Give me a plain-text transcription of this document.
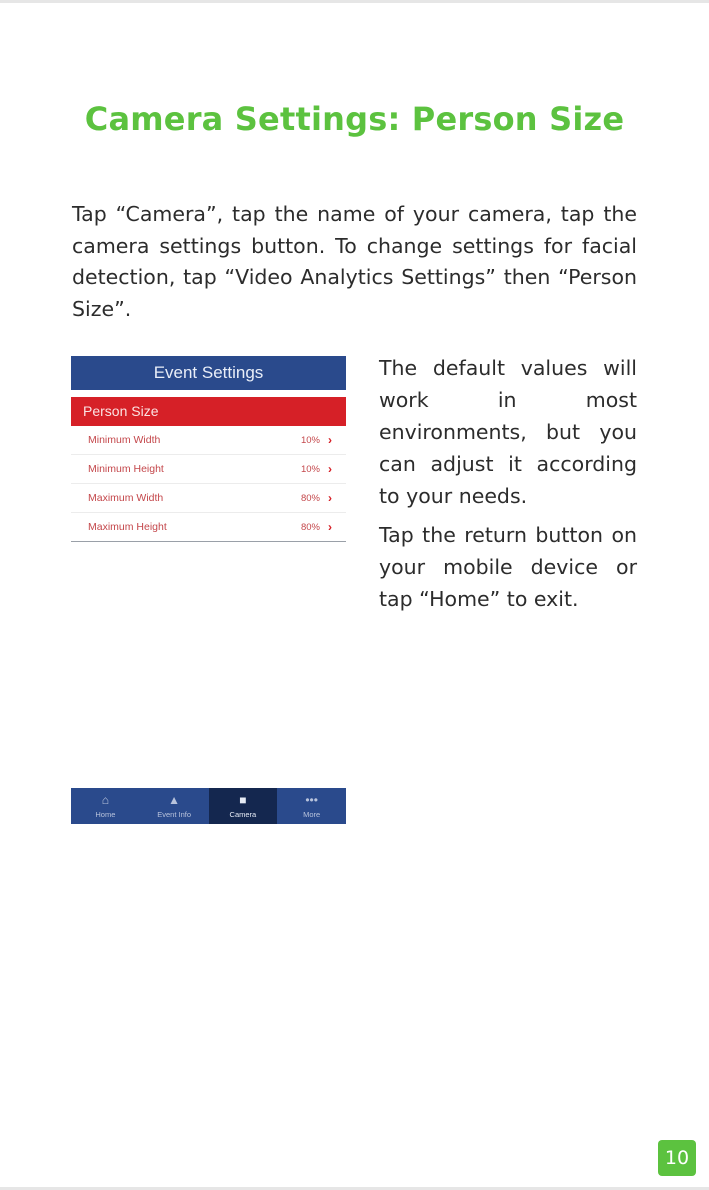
Camera Settings: Person Size
Tap “Camera”, tap the name of your camera, tap the camera settings button. To change settings for facial detection, tap “Video Analytics Settings” then “Person Size”.
Event Settings
Person Size
Minimum Width	10% ›
Minimum Height	10% ›
Maximum Width	80% ›
Maximum Height	80% ›
⌂
Home
▲
Event Info
■
Camera
•••
More

The default values will work in most environments, but you can adjust it according to your needs.

Tap the return button on your mobile device or tap “Home” to exit.

10
